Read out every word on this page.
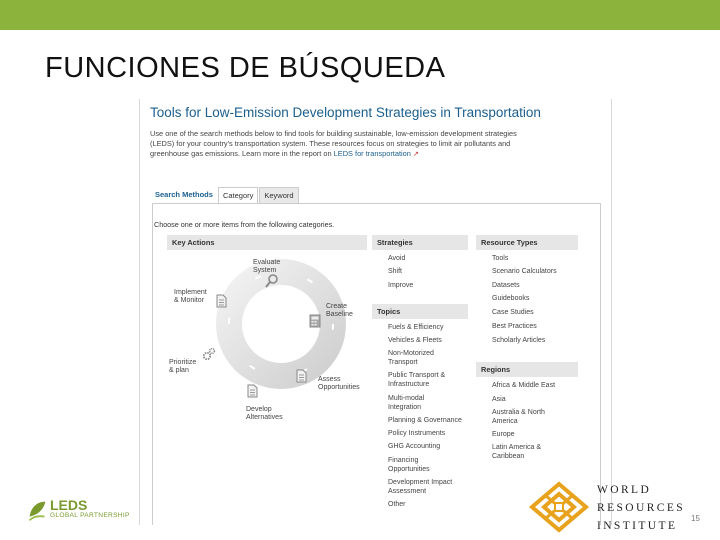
FUNCIONES DE BÚSQUEDA
Tools for Low-Emission Development Strategies in Transportation
Use one of the search methods below to find tools for building sustainable, low-emission development strategies
(LEDS) for your country's transportation system. These resources focus on strategies to limit air pollutants and
greenhouse gas emissions. Learn more in the report on LEDS for transportation ↗
Search Methods	Category	Keyword
Choose one or more items from the following categories.
Key Actions
Evaluate
System
Create
Baseline
Assess
Opportunities
Develop
Alternatives
Prioritize
& plan
Implement
& Monitor
Strategies
Avoid
Shift
Improve
Topics
Fuels & Efficiency
Vehicles & Fleets
Non-Motorized
Transport
Public Transport &
Infrastructure
Multi-modal
Integration
Planning & Governance
Policy Instruments
GHG Accounting
Financing
Opportunities
Development Impact
Assessment
Other
Resource Types
Tools
Scenario Calculators
Datasets
Guidebooks
Case Studies
Best Practices
Scholarly Articles
Regions
Africa & Middle East
Asia
Australia & North
America
Europe
Latin America &
Caribbean
LEDS
GLOBAL PARTNERSHIP
WORLD
RESOURCES
INSTITUTE
15
